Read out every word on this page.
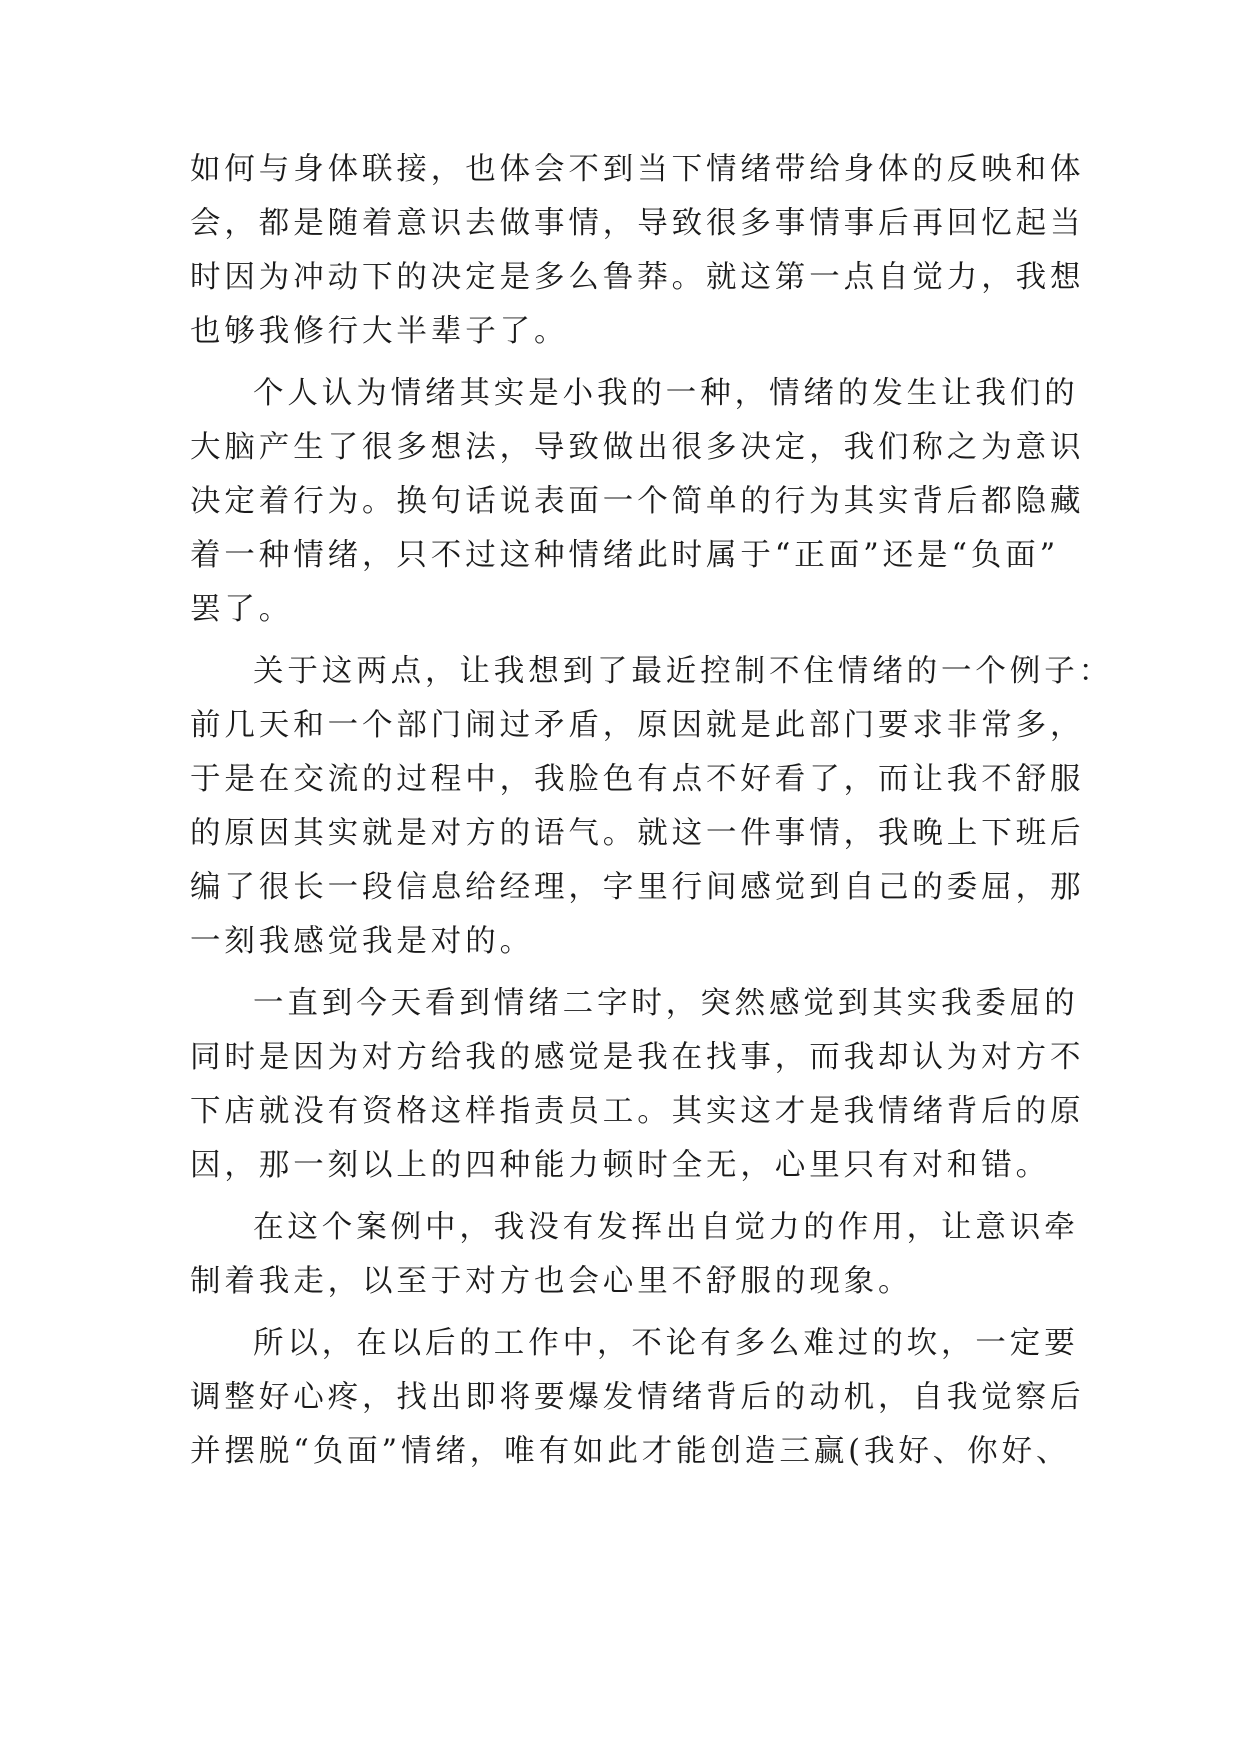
如何与身体联接，也体会不到当下情绪带给身体的反映和体
会，都是随着意识去做事情，导致很多事情事后再回忆起当
时因为冲动下的决定是多么鲁莽。就这第一点自觉力，我想
也够我修行大半辈子了。
个人认为情绪其实是小我的一种，情绪的发生让我们的
大脑产生了很多想法，导致做出很多决定，我们称之为意识
决定着行为。换句话说表面一个简单的行为其实背后都隐藏
着一种情绪，只不过这种情绪此时属于“正面”还是“负面”
罢了。
关于这两点，让我想到了最近控制不住情绪的一个例子：
前几天和一个部门闹过矛盾，原因就是此部门要求非常多，
于是在交流的过程中，我脸色有点不好看了，而让我不舒服
的原因其实就是对方的语气。就这一件事情，我晚上下班后
编了很长一段信息给经理，字里行间感觉到自己的委屈，那
一刻我感觉我是对的。
一直到今天看到情绪二字时，突然感觉到其实我委屈的
同时是因为对方给我的感觉是我在找事，而我却认为对方不
下店就没有资格这样指责员工。其实这才是我情绪背后的原
因，那一刻以上的四种能力顿时全无，心里只有对和错。
在这个案例中，我没有发挥出自觉力的作用，让意识牵
制着我走，以至于对方也会心里不舒服的现象。
所以，在以后的工作中，不论有多么难过的坎，一定要
调整好心疼，找出即将要爆发情绪背后的动机，自我觉察后
并摆脱“负面”情绪，唯有如此才能创造三赢(我好、你好、
